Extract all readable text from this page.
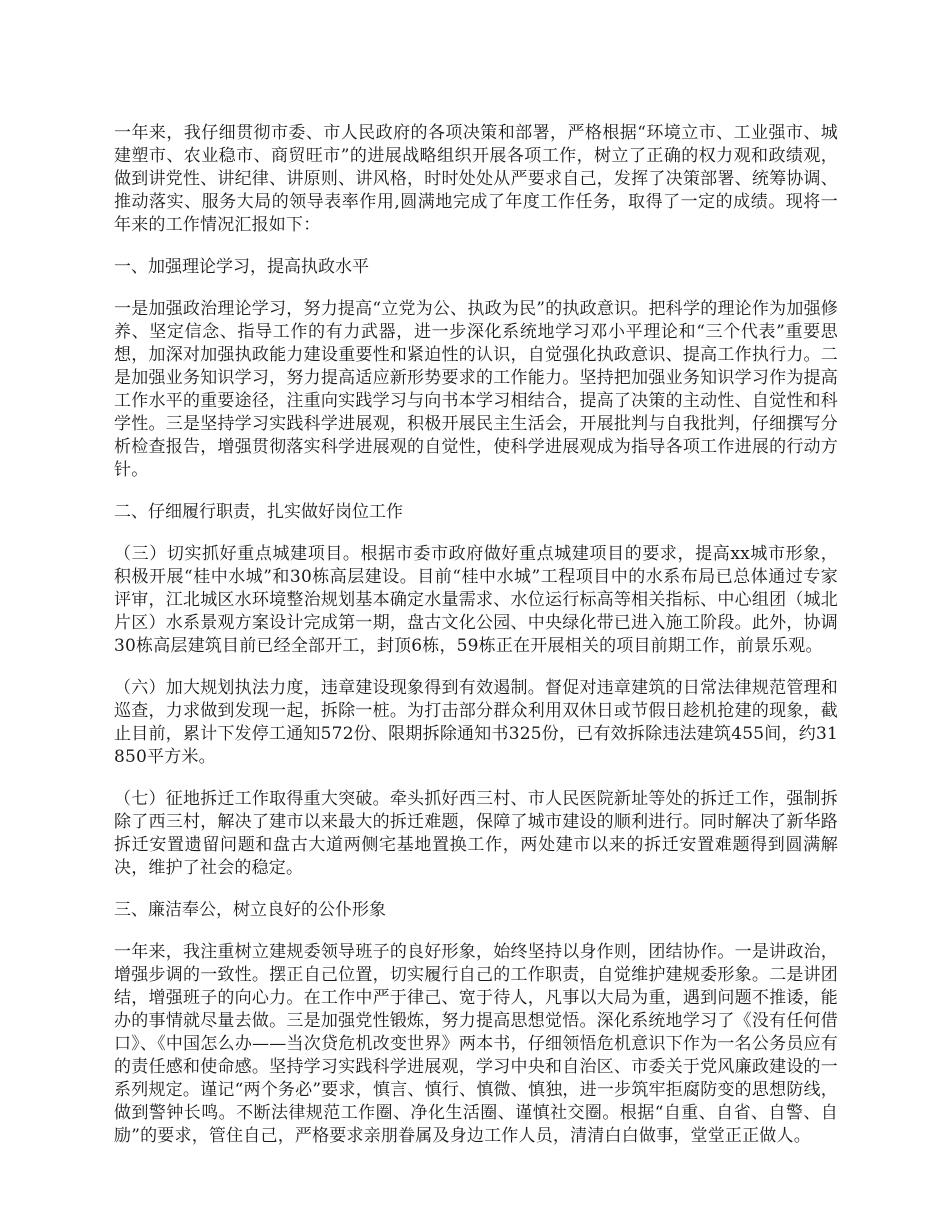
一年来，我仔细贯彻市委、市人民政府的各项决策和部署，严格根据“环境立市、工业强市、城建塑市、农业稳市、商贸旺市”的进展战略组织开展各项工作，树立了正确的权力观和政绩观，做到讲党性、讲纪律、讲原则、讲风格，时时处处从严要求自己，发挥了决策部署、统筹协调、推动落实、服务大局的领导表率作用,圆满地完成了年度工作任务，取得了一定的成绩。现将一年来的工作情况汇报如下：

一、加强理论学习，提高执政水平

一是加强政治理论学习，努力提高“立党为公、执政为民”的执政意识。把科学的理论作为加强修养、坚定信念、指导工作的有力武器，进一步深化系统地学习邓小平理论和“三个代表”重要思想，加深对加强执政能力建设重要性和紧迫性的认识，自觉强化执政意识、提高工作执行力。二是加强业务知识学习，努力提高适应新形势要求的工作能力。坚持把加强业务知识学习作为提高工作水平的重要途径，注重向实践学习与向书本学习相结合，提高了决策的主动性、自觉性和科学性。三是坚持学习实践科学进展观，积极开展民主生活会，开展批判与自我批判，仔细撰写分析检查报告，增强贯彻落实科学进展观的自觉性，使科学进展观成为指导各项工作进展的行动方针。

二、仔细履行职责，扎实做好岗位工作

（三）切实抓好重点城建项目。根据市委市政府做好重点城建项目的要求，提高xx城市形象，积极开展“桂中水城”和30栋高层建设。目前“桂中水城”工程项目中的水系布局已总体通过专家评审，江北城区水环境整治规划基本确定水量需求、水位运行标高等相关指标、中心组团（城北片区）水系景观方案设计完成第一期，盘古文化公园、中央绿化带已进入施工阶段。此外，协调30栋高层建筑目前已经全部开工，封顶6栋，59栋正在开展相关的项目前期工作，前景乐观。

（六）加大规划执法力度，违章建设现象得到有效遏制。督促对违章建筑的日常法律规范管理和巡查，力求做到发现一起，拆除一桩。为打击部分群众利用双休日或节假日趁机抢建的现象，截止目前，累计下发停工通知572份、限期拆除通知书325份，已有效拆除违法建筑455间，约31850平方米。

（七）征地拆迁工作取得重大突破。牵头抓好西三村、市人民医院新址等处的拆迁工作，强制拆除了西三村，解决了建市以来最大的拆迁难题，保障了城市建设的顺利进行。同时解决了新华路拆迁安置遗留问题和盘古大道两侧宅基地置换工作，两处建市以来的拆迁安置难题得到圆满解决，维护了社会的稳定。

三、廉洁奉公，树立良好的公仆形象

一年来，我注重树立建规委领导班子的良好形象，始终坚持以身作则，团结协作。一是讲政治，增强步调的一致性。摆正自己位置，切实履行自己的工作职责，自觉维护建规委形象。二是讲团结，增强班子的向心力。在工作中严于律己、宽于待人，凡事以大局为重，遇到问题不推诿，能办的事情就尽量去做。三是加强党性锻炼，努力提高思想觉悟。深化系统地学习了《没有任何借口》、《中国怎么办——当次贷危机改变世界》两本书，仔细领悟危机意识下作为一名公务员应有的责任感和使命感。坚持学习实践科学进展观，学习中央和自治区、市委关于党风廉政建设的一系列规定。谨记“两个务必”要求，慎言、慎行、慎微、慎独，进一步筑牢拒腐防变的思想防线，做到警钟长鸣。不断法律规范工作圈、净化生活圈、谨慎社交圈。根据“自重、自省、自警、自励”的要求，管住自己，严格要求亲朋眷属及身边工作人员，清清白白做事，堂堂正正做人。
